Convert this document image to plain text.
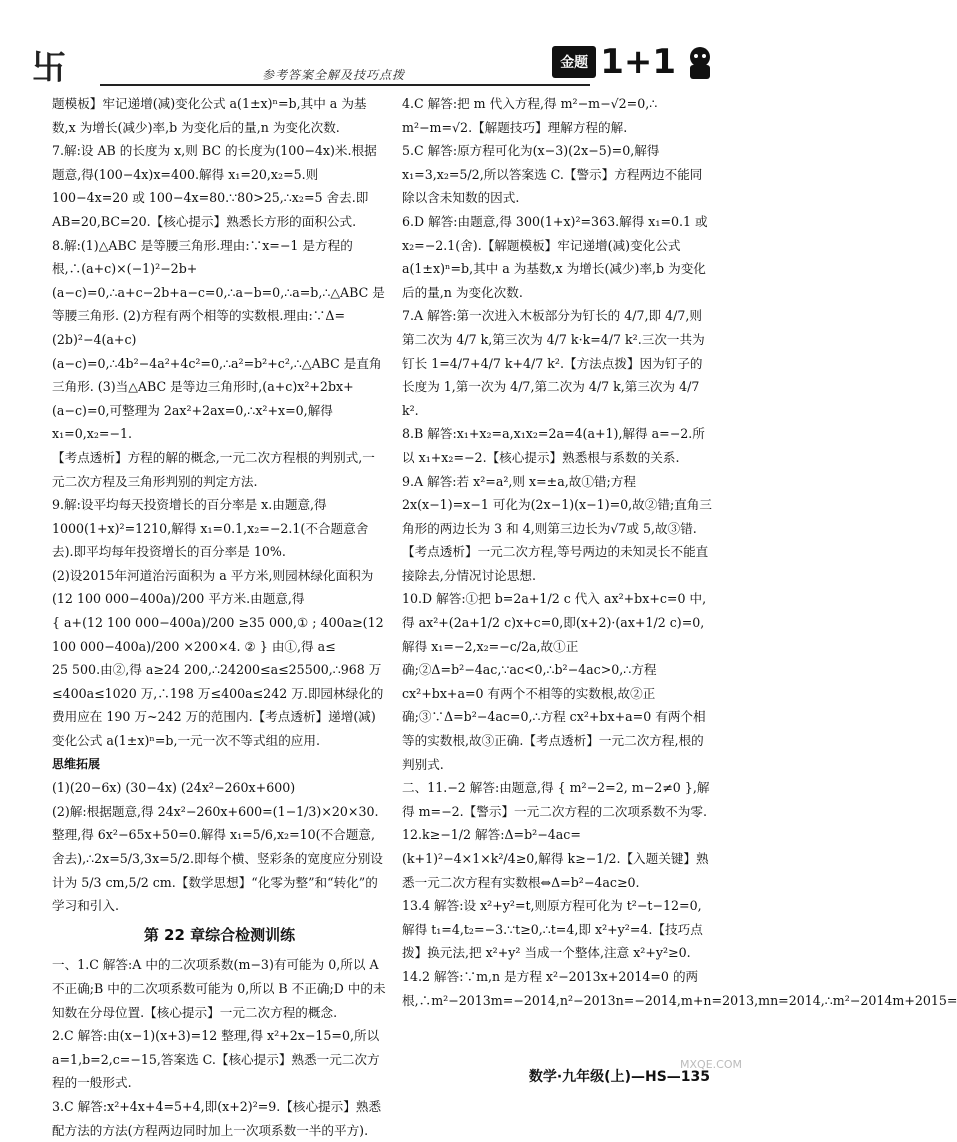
卐	参考答案全解及技巧点拨
金题 1+1

题模板】牢记递增(减)变化公式 a(1±x)ⁿ=b,其中 a 为基数,x 为增长(减少)率,b 为变化后的量,n 为变化次数.

7.解:设 AB 的长度为 x,则 BC 的长度为(100−4x)米.根据题意,得(100−4x)x=400.解得 x₁=20,x₂=5.则 100−4x=20 或 100−4x=80.∵80>25,∴x₂=5 舍去.即 AB=20,BC=20.【核心提示】熟悉长方形的面积公式.

8.解:(1)△ABC 是等腰三角形.理由:∵x=−1 是方程的根,∴(a+c)×(−1)²−2b+(a−c)=0,∴a+c−2b+a−c=0,∴a−b=0,∴a=b,∴△ABC 是等腰三角形. (2)方程有两个相等的实数根.理由:∵Δ=(2b)²−4(a+c)(a−c)=0,∴4b²−4a²+4c²=0,∴a²=b²+c²,∴△ABC 是直角三角形. (3)当△ABC 是等边三角形时,(a+c)x²+2bx+(a−c)=0,可整理为 2ax²+2ax=0,∴x²+x=0,解得 x₁=0,x₂=−1.

【考点透析】方程的解的概念,一元二次方程根的判别式,一元二次方程及三角形判别的判定方法.

9.解:设平均每天投资增长的百分率是 x.由题意,得 1000(1+x)²=1210,解得 x₁=0.1,x₂=−2.1(不合题意舍去).即平均每年投资增长的百分率是 10%.

(2)设2015年河道治污面积为 a 平方米,则园林绿化面积为 (12 100 000−400a)/200 平方米.由题意,得

{ a+(12 100 000−400a)/200 ≥35 000,① ; 400a≥(12 100 000−400a)/200 ×200×4. ② } 由①,得 a≤

25 500.由②,得 a≥24 200,∴24200≤a≤25500,∴968 万≤400a≤1020 万,∴198 万≤400a≤242 万.即园林绿化的费用应在 190 万~242 万的范围内.【考点透析】递增(减)变化公式 a(1±x)ⁿ=b,一元一次不等式组的应用.

思维拓展

(1)(20−6x) (30−4x) (24x²−260x+600)

(2)解:根据题意,得 24x²−260x+600=(1−1/3)×20×30.整理,得 6x²−65x+50=0.解得 x₁=5/6,x₂=10(不合题意,舍去),∴2x=5/3,3x=5/2.即每个横、竖彩条的宽度应分别设计为 5/3 cm,5/2 cm.【数学思想】“化零为整”和“转化”的学习和引入.

第 22 章综合检测训练

一、1.C 解答:A 中的二次项系数(m−3)有可能为 0,所以 A 不正确;B 中的二次项系数可能为 0,所以 B 不正确;D 中的未知数在分母位置.【核心提示】一元二次方程的概念.

2.C 解答:由(x−1)(x+3)=12 整理,得 x²+2x−15=0,所以 a=1,b=2,c=−15,答案选 C.【核心提示】熟悉一元二次方程的一般形式.

3.C 解答:x²+4x+4=5+4,即(x+2)²=9.【核心提示】熟悉配方法的方法(方程两边同时加上一次项系数一半的平方).

4.C 解答:把 m 代入方程,得 m²−m−√2=0,∴ m²−m=√2.【解题技巧】理解方程的解.

5.C 解答:原方程可化为(x−3)(2x−5)=0,解得 x₁=3,x₂=5/2,所以答案选 C.【警示】方程两边不能同除以含未知数的因式.

6.D 解答:由题意,得 300(1+x)²=363.解得 x₁=0.1 或 x₂=−2.1(舍).【解题模板】牢记递增(减)变化公式 a(1±x)ⁿ=b,其中 a 为基数,x 为增长(减少)率,b 为变化后的量,n 为变化次数.

7.A 解答:第一次进入木板部分为钉长的 4/7,即 4/7,则第二次为 4/7 k,第三次为 4/7 k·k=4/7 k².三次一共为钉长 1=4/7+4/7 k+4/7 k².【方法点拨】因为钉子的长度为 1,第一次为 4/7,第二次为 4/7 k,第三次为 4/7 k².

8.B 解答:x₁+x₂=a,x₁x₂=2a=4(a+1),解得 a=−2.所以 x₁+x₂=−2.【核心提示】熟悉根与系数的关系.

9.A 解答:若 x²=a²,则 x=±a,故①错;方程 2x(x−1)=x−1 可化为(2x−1)(x−1)=0,故②错;直角三角形的两边长为 3 和 4,则第三边长为√7或 5,故③错.【考点透析】一元二次方程,等号两边的未知灵长不能直接除去,分情况讨论思想.

10.D 解答:①把 b=2a+1/2 c 代入 ax²+bx+c=0 中,得 ax²+(2a+1/2 c)x+c=0,即(x+2)·(ax+1/2 c)=0,解得 x₁=−2,x₂=−c/2a,故①正确;②Δ=b²−4ac,∵ac<0,∴b²−4ac>0,∴方程 cx²+bx+a=0 有两个不相等的实数根,故②正确;③∵Δ=b²−4ac=0,∴方程 cx²+bx+a=0 有两个相等的实数根,故③正确.【考点透析】一元二次方程,根的判别式.

二、11.−2 解答:由题意,得 { m²−2=2, m−2≠0 },解得 m=−2.【警示】一元二次方程的二次项系数不为零.

12.k≥−1/2 解答:Δ=b²−4ac=(k+1)²−4×1×k²/4≥0,解得 k≥−1/2.【入题关键】熟悉一元二次方程有实数根⇔Δ=b²−4ac≥0.

13.4 解答:设 x²+y²=t,则原方程可化为 t²−t−12=0,解得 t₁=4,t₂=−3.∵t≥0,∴t=4,即 x²+y²=4.【技巧点拨】换元法,把 x²+y² 当成一个整体,注意 x²+y²≥0.

14.2 解答:∵m,n 是方程 x²−2013x+2014=0 的两根,∴m²−2013m=−2014,n²−2013n=−2014,m+n=2013,mn=2014,∴m²−2014m+2015=

数学·九年级(上)—HS—135
MXQE.COM
